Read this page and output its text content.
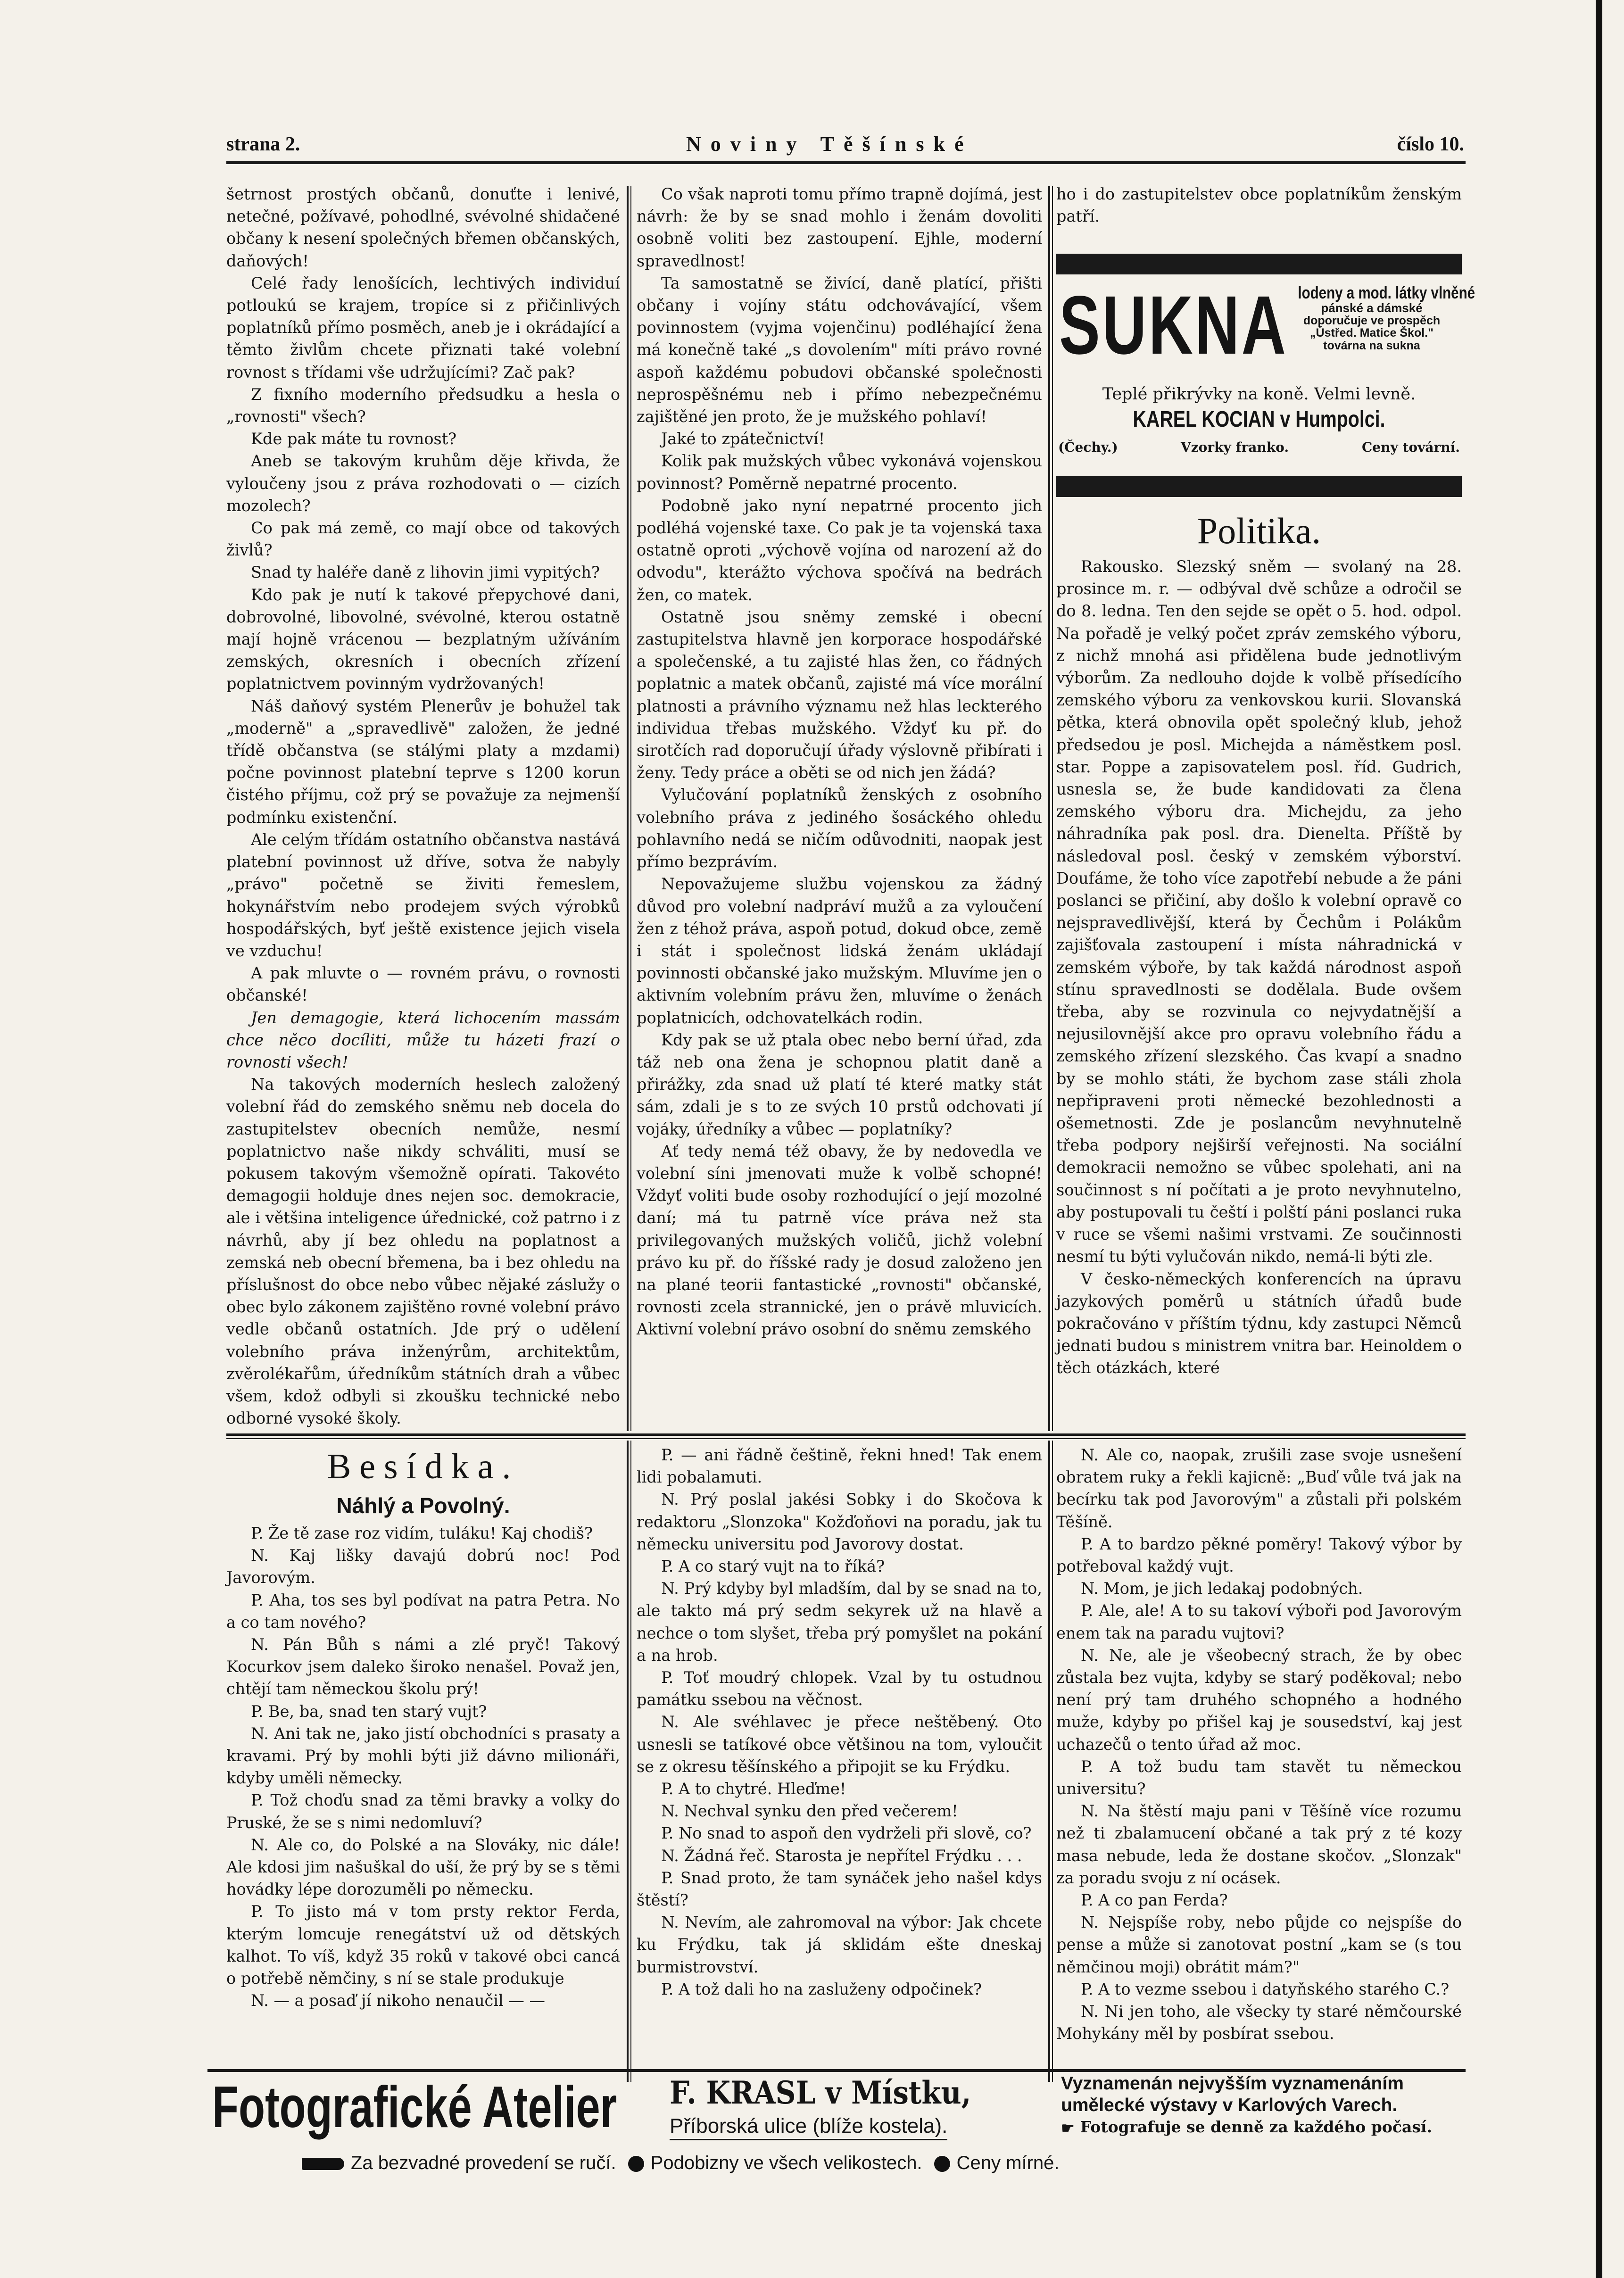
strana 2.	Noviny Těšínské	číslo 10.

šetrnost prostých občanů, donuťte i lenivé, netečné, požívavé, pohodlné, svévolné shidačené občany k nesení společných břemen občanských, daňových!

Celé řady lenošících, lechtivých individuí potloukú se krajem, tropíce si z přičinlivých poplatníků přímo posměch, aneb je i okrádající a těmto živlům chcete přiznati také volební rovnost s třídami vše udržujícími? Zač pak?

Z fixního moderního předsudku a hesla o „rovnosti" všech?

Kde pak máte tu rovnost?

Aneb se takovým kruhům děje křivda, že vyloučeny jsou z práva rozhodovati o — cizích mozolech?

Co pak má země, co mají obce od takových živlů?

Snad ty haléře daně z lihovin jimi vypitých?

Kdo pak je nutí k takové přepychové dani, dobrovolné, libovolné, svévolné, kterou ostatně mají hojně vrácenou — bezplatným užíváním zemských, okresních i obecních zřízení poplatnictvem povinným vydržovaných!

Náš daňový systém Plenerův je bohužel tak „moderně" a „spravedlivě" založen, že jedné třídě občanstva (se stálými platy a mzdami) počne povinnost platební teprve s 1200 korun čistého příjmu, což prý se považuje za nejmenší podmínku existenční.

Ale celým třídám ostatního občanstva nastává platební povinnost už dříve, sotva že nabyly „právo" početně se živiti řemeslem, hokynářstvím nebo prodejem svých výrobků hospodářských, byť ještě existence jejich visela ve vzduchu!

A pak mluvte o — rovném právu, o rovnosti občanské!

Jen demagogie, která lichocením massám chce něco docíliti, může tu házeti frazí o rovnosti všech!

Na takových moderních heslech založený volební řád do zemského sněmu neb docela do zastupitelstev obecních nemůže, nesmí poplatnictvo naše nikdy schváliti, musí se pokusem takovým všemožně opírati. Takovéto demagogii holduje dnes nejen soc. demokracie, ale i většina inteligence úřednické, což patrno i z návrhů, aby jí bez ohledu na poplatnost a zemská neb obecní břemena, ba i bez ohledu na příslušnost do obce nebo vůbec nějaké záslužy o obec bylo zákonem zajištěno rovné volební právo vedle občanů ostatních. Jde prý o udělení volebního práva inženýrům, architektům, zvěrolékařům, úředníkům státních drah a vůbec všem, kdož odbyli si zkoušku technické nebo odborné vysoké školy.

Co však naproti tomu přímo trapně dojímá, jest návrh: že by se snad mohlo i ženám dovoliti osobně voliti bez zastoupení. Ejhle, moderní spravedlnost!

Ta samostatně se živící, daně platící, přišti občany i vojíny státu odchovávající, všem povinnostem (vyjma vojenčinu) podléhající žena má konečně také „s dovolením" míti právo rovné aspoň každému pobudovi občanské společnosti neprospěšnému neb i přímo nebezpečnému zajištěné jen proto, že je mužského pohlaví!

Jaké to zpátečnictví!

Kolik pak mužských vůbec vykonává vojenskou povinnost? Poměrně nepatrné procento.

Podobně jako nyní nepatrné procento jich podléhá vojenské taxe. Co pak je ta vojenská taxa ostatně oproti „výchově vojína od narození až do odvodu", kterážto výchova spočívá na bedrách žen, co matek.

Ostatně jsou sněmy zemské i obecní zastupitelstva hlavně jen korporace hospodářské a společenské, a tu zajisté hlas žen, co řádných poplatnic a matek občanů, zajisté má více morální platnosti a právního významu než hlas leckterého individua třebas mužského. Vždyť ku př. do sirotčích rad doporučují úřady výslovně přibírati i ženy. Tedy práce a oběti se od nich jen žádá?

Vylučování poplatníků ženských z osobního volebního práva z jediného šosáckého ohledu pohlavního nedá se ničím odůvodniti, naopak jest přímo bezprávím.

Nepovažujeme službu vojenskou za žádný důvod pro volební nadpráví mužů a za vyloučení žen z téhož práva, aspoň potud, dokud obce, země i stát i společnost lidská ženám ukládají povinnosti občanské jako mužským. Mluvíme jen o aktivním volebním právu žen, mluvíme o ženách poplatnicích, odchovatelkách rodin.

Kdy pak se už ptala obec nebo berní úřad, zda táž neb ona žena je schopnou platit daně a přirážky, zda snad už platí té které matky stát sám, zdali je s to ze svých 10 prstů odchovati jí vojáky, úředníky a vůbec — poplatníky?

Ať tedy nemá též obavy, že by nedovedla ve volební síni jmenovati muže k volbě schopné! Vždyť voliti bude osoby rozhodující o její mozolné daní; má tu patrně více práva než sta privilegovaných mužských voličů, jichž volební právo ku př. do říšské rady je dosud založeno jen na plané teorii fantastické „rovnosti" občanské, rovnosti zcela strannické, jen o právě mluvicích. Aktivní volební právo osobní do sněmu zemského

ho i do zastupitelstev obce poplatníkům ženským patří.

SUKNA lodeny a mod. látky vlněné
pánské a dámské
doporučuje ve prospěch
„Ústřed. Matice Škol."
továrna na sukna
Teplé přikrývky na koně. Velmi levně.
KAREL KOCIAN v Humpolci.
(Čechy.)	Vzorky franko.	Ceny tovární.

Politika.

Rakousko. Slezský sněm — svolaný na 28. prosince m. r. — odbýval dvě schůze a odročil se do 8. ledna. Ten den sejde se opět o 5. hod. odpol. Na pořadě je velký počet zpráv zemského výboru, z nichž mnohá asi přidělena bude jednotlivým výborům. Za nedlouho dojde k volbě přísedícího zemského výboru za venkovskou kurii. Slovanská pětka, která obnovila opět společný klub, jehož předsedou je posl. Michejda a náměstkem posl. star. Poppe a zapisovatelem posl. říd. Gudrich, usnesla se, že bude kandidovati za člena zemského výboru dra. Michejdu, za jeho náhradníka pak posl. dra. Dienelta. Příště by následoval posl. český v zemském výborství. Doufáme, že toho více zapotřebí nebude a že páni poslanci se přičiní, aby došlo k volební opravě co nejspravedlivější, která by Čechům i Polákům zajišťovala zastoupení i místa náhradnická v zemském výboře, by tak každá národnost aspoň stínu spravedlnosti se dodělala. Bude ovšem třeba, aby se rozvinula co nejvydatnější a nejusilovnější akce pro opravu volebního řádu a zemského zřízení slezského. Čas kvapí a snadno by se mohlo státi, že bychom zase stáli zhola nepřipraveni proti německé bezohlednosti a ošemetnosti. Zde je poslancům nevyhnutelně třeba podpory nejširší veřejnosti. Na sociální demokracii nemožno se vůbec spolehati, ani na součinnost s ní počítati a je proto nevyhnutelno, aby postupovali tu čeští i polští páni poslanci ruka v ruce se všemi našimi vrstvami. Ze součinnosti nesmí tu býti vylučován nikdo, nemá-li býti zle.

V česko-německých konferencích na úpravu jazykových poměrů u státních úřadů bude pokračováno v příštím týdnu, kdy zastupci Němců jednati budou s ministrem vnitra bar. Heinoldem o těch otázkách, které

Besídka.

Náhlý a Povolný.

P. Že tě zase roz vidím, tuláku! Kaj chodiš?

N. Kaj lišky davajú dobrú noc! Pod Javorovým.

P. Aha, tos ses byl podívat na patra Petra. No a co tam nového?

N. Pán Bůh s námi a zlé pryč! Takový Kocurkov jsem daleko široko nenašel. Považ jen, chtějí tam německou školu prý!

P. Be, ba, snad ten starý vujt?

N. Ani tak ne, jako jistí obchodníci s prasaty a kravami. Prý by mohli býti již dávno milionáři, kdyby uměli německy.

P. Tož choďu snad za těmi bravky a volky do Pruské, že se s nimi nedomluví?

N. Ale co, do Polské a na Slováky, nic dále! Ale kdosi jim našuškal do uší, že prý by se s těmi hovádky lépe dorozuměli po německu.

P. To jisto má v tom prsty rektor Ferda, kterým lomcuje renegátství už od dětských kalhot. To víš, když 35 roků v takové obci cancá o potřebě němčiny, s ní se stale produkuje

N. — a posaď jí nikoho nenaučil — —

P. — ani řádně češtině, řekni hned! Tak enem lidi pobalamuti.

N. Prý poslal jakési Sobky i do Skočova k redaktoru „Slonzoka" Kožďoňovi na poradu, jak tu německu universitu pod Javorovy dostat.

P. A co starý vujt na to říká?

N. Prý kdyby byl mladším, dal by se snad na to, ale takto má prý sedm sekyrek už na hlavě a nechce o tom slyšet, třeba prý pomyšlet na pokání a na hrob.

P. Toť moudrý chlopek. Vzal by tu ostudnou památku ssebou na věčnost.

N. Ale svéhlavec je přece neštěbený. Oto usnesli se tatíkové obce většinou na tom, vyloučit se z okresu těšínského a připojit se ku Frýdku.

P. A to chytré. Hleďme!

N. Nechval synku den před večerem!

P. No snad to aspoň den vydrželi při slově, co?

N. Žádná řeč. Starosta je nepřítel Frýdku . . .

P. Snad proto, že tam synáček jeho našel kdys štěstí?

N. Nevím, ale zahromoval na výbor: Jak chcete ku Frýdku, tak já sklidám ešte dneskaj burmistrovství.

P. A tož dali ho na zasluženy odpočinek?

N. Ale co, naopak, zrušili zase svoje usnešení obratem ruky a řekli kajicně: „Buď vůle tvá jak na becírku tak pod Javorovým" a zůstali při polském Těšíně.

P. A to bardzo pěkné poměry! Takový výbor by potřeboval každý vujt.

N. Mom, je jich ledakaj podobných.

P. Ale, ale! A to su takoví výboři pod Javorovým enem tak na paradu vujtovi?

N. Ne, ale je všeobecný strach, že by obec zůstala bez vujta, kdyby se starý poděkoval; nebo není prý tam druhého schopného a hodného muže, kdyby po přišel kaj je sousedství, kaj jest uchazečů o tento úřad až moc.

P. A tož budu tam stavět tu německou universitu?

N. Na štěstí maju pani v Těšíně více rozumu než ti zbalamucení občané a tak prý z té kozy masa nebude, leda že dostane skočov. „Slonzak" za poradu svoju z ní ocásek.

P. A co pan Ferda?

N. Nejspíše roby, nebo půjde co nejspíše do pense a může si zanotovat postní „kam se (s tou němčinou moji) obrátit mám?"

P. A to vezme ssebou i datyňského starého C.?

N. Ni jen toho, ale všecky ty staré němčourské Mohykány měl by posbírat ssebou.

Fotografické Atelier F. KRASL v Místku,
Příborská ulice (blíže kostela).
Vyznamenán nejvyšším vyznamenáním
umělecké výstavy v Karlových Varech.
☛ Fotografuje se denně za každého počasí.
Za bezvadné provedení se ručí. Podobizny ve všech velikostech. Ceny mírné.
